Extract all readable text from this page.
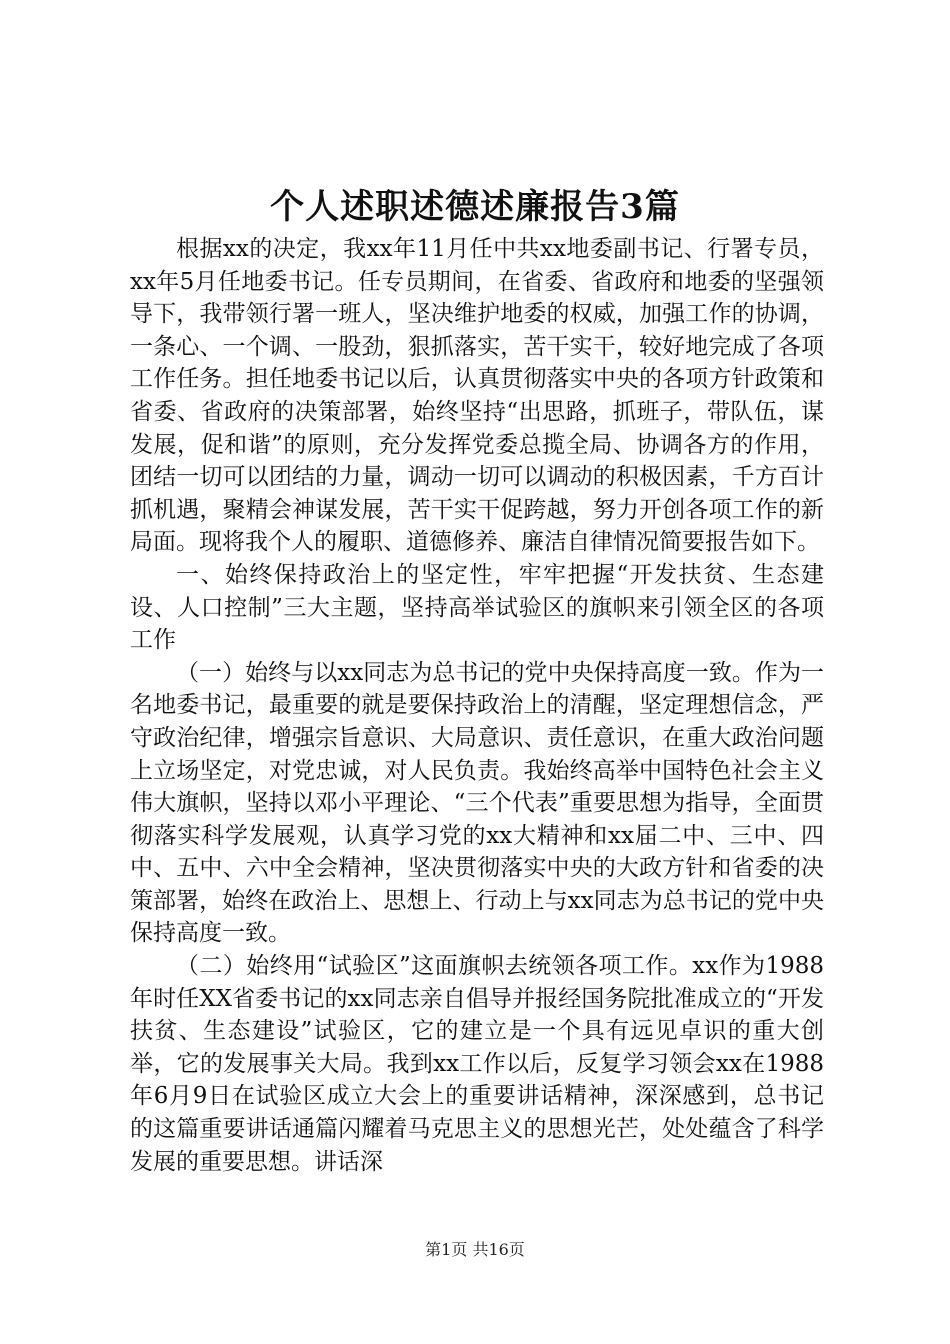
个人述职述德述廉报告3篇

根据xx的决定，我xx年11月任中共xx地委副书记、行署专员，xx年5月任地委书记。任专员期间，在省委、省政府和地委的坚强领导下，我带领行署一班人，坚决维护地委的权威，加强工作的协调，一条心、一个调、一股劲，狠抓落实，苦干实干，较好地完成了各项工作任务。担任地委书记以后，认真贯彻落实中央的各项方针政策和省委、省政府的决策部署，始终坚持“出思路，抓班子，带队伍，谋发展，促和谐”的原则，充分发挥党委总揽全局、协调各方的作用，团结一切可以团结的力量，调动一切可以调动的积极因素，千方百计抓机遇，聚精会神谋发展，苦干实干促跨越，努力开创各项工作的新局面。现将我个人的履职、道德修养、廉洁自律情况简要报告如下。

一、始终保持政治上的坚定性，牢牢把握“开发扶贫、生态建设、人口控制”三大主题，坚持高举试验区的旗帜来引领全区的各项工作

（一）始终与以xx同志为总书记的党中央保持高度一致。作为一名地委书记，最重要的就是要保持政治上的清醒，坚定理想信念，严守政治纪律，增强宗旨意识、大局意识、责任意识，在重大政治问题上立场坚定，对党忠诚，对人民负责。我始终高举中国特色社会主义伟大旗帜，坚持以邓小平理论、“三个代表”重要思想为指导，全面贯彻落实科学发展观，认真学习党的xx大精神和xx届二中、三中、四中、五中、六中全会精神，坚决贯彻落实中央的大政方针和省委的决策部署，始终在政治上、思想上、行动上与xx同志为总书记的党中央保持高度一致。

（二）始终用“试验区”这面旗帜去统领各项工作。xx作为1988年时任XX省委书记的xx同志亲自倡导并报经国务院批准成立的“开发扶贫、生态建设”试验区，它的建立是一个具有远见卓识的重大创举，它的发展事关大局。我到xx工作以后，反复学习领会xx在1988年6月9日在试验区成立大会上的重要讲话精神，深深感到，总书记的这篇重要讲话通篇闪耀着马克思主义的思想光芒，处处蕴含了科学发展的重要思想。讲话深

第1页 共16页
